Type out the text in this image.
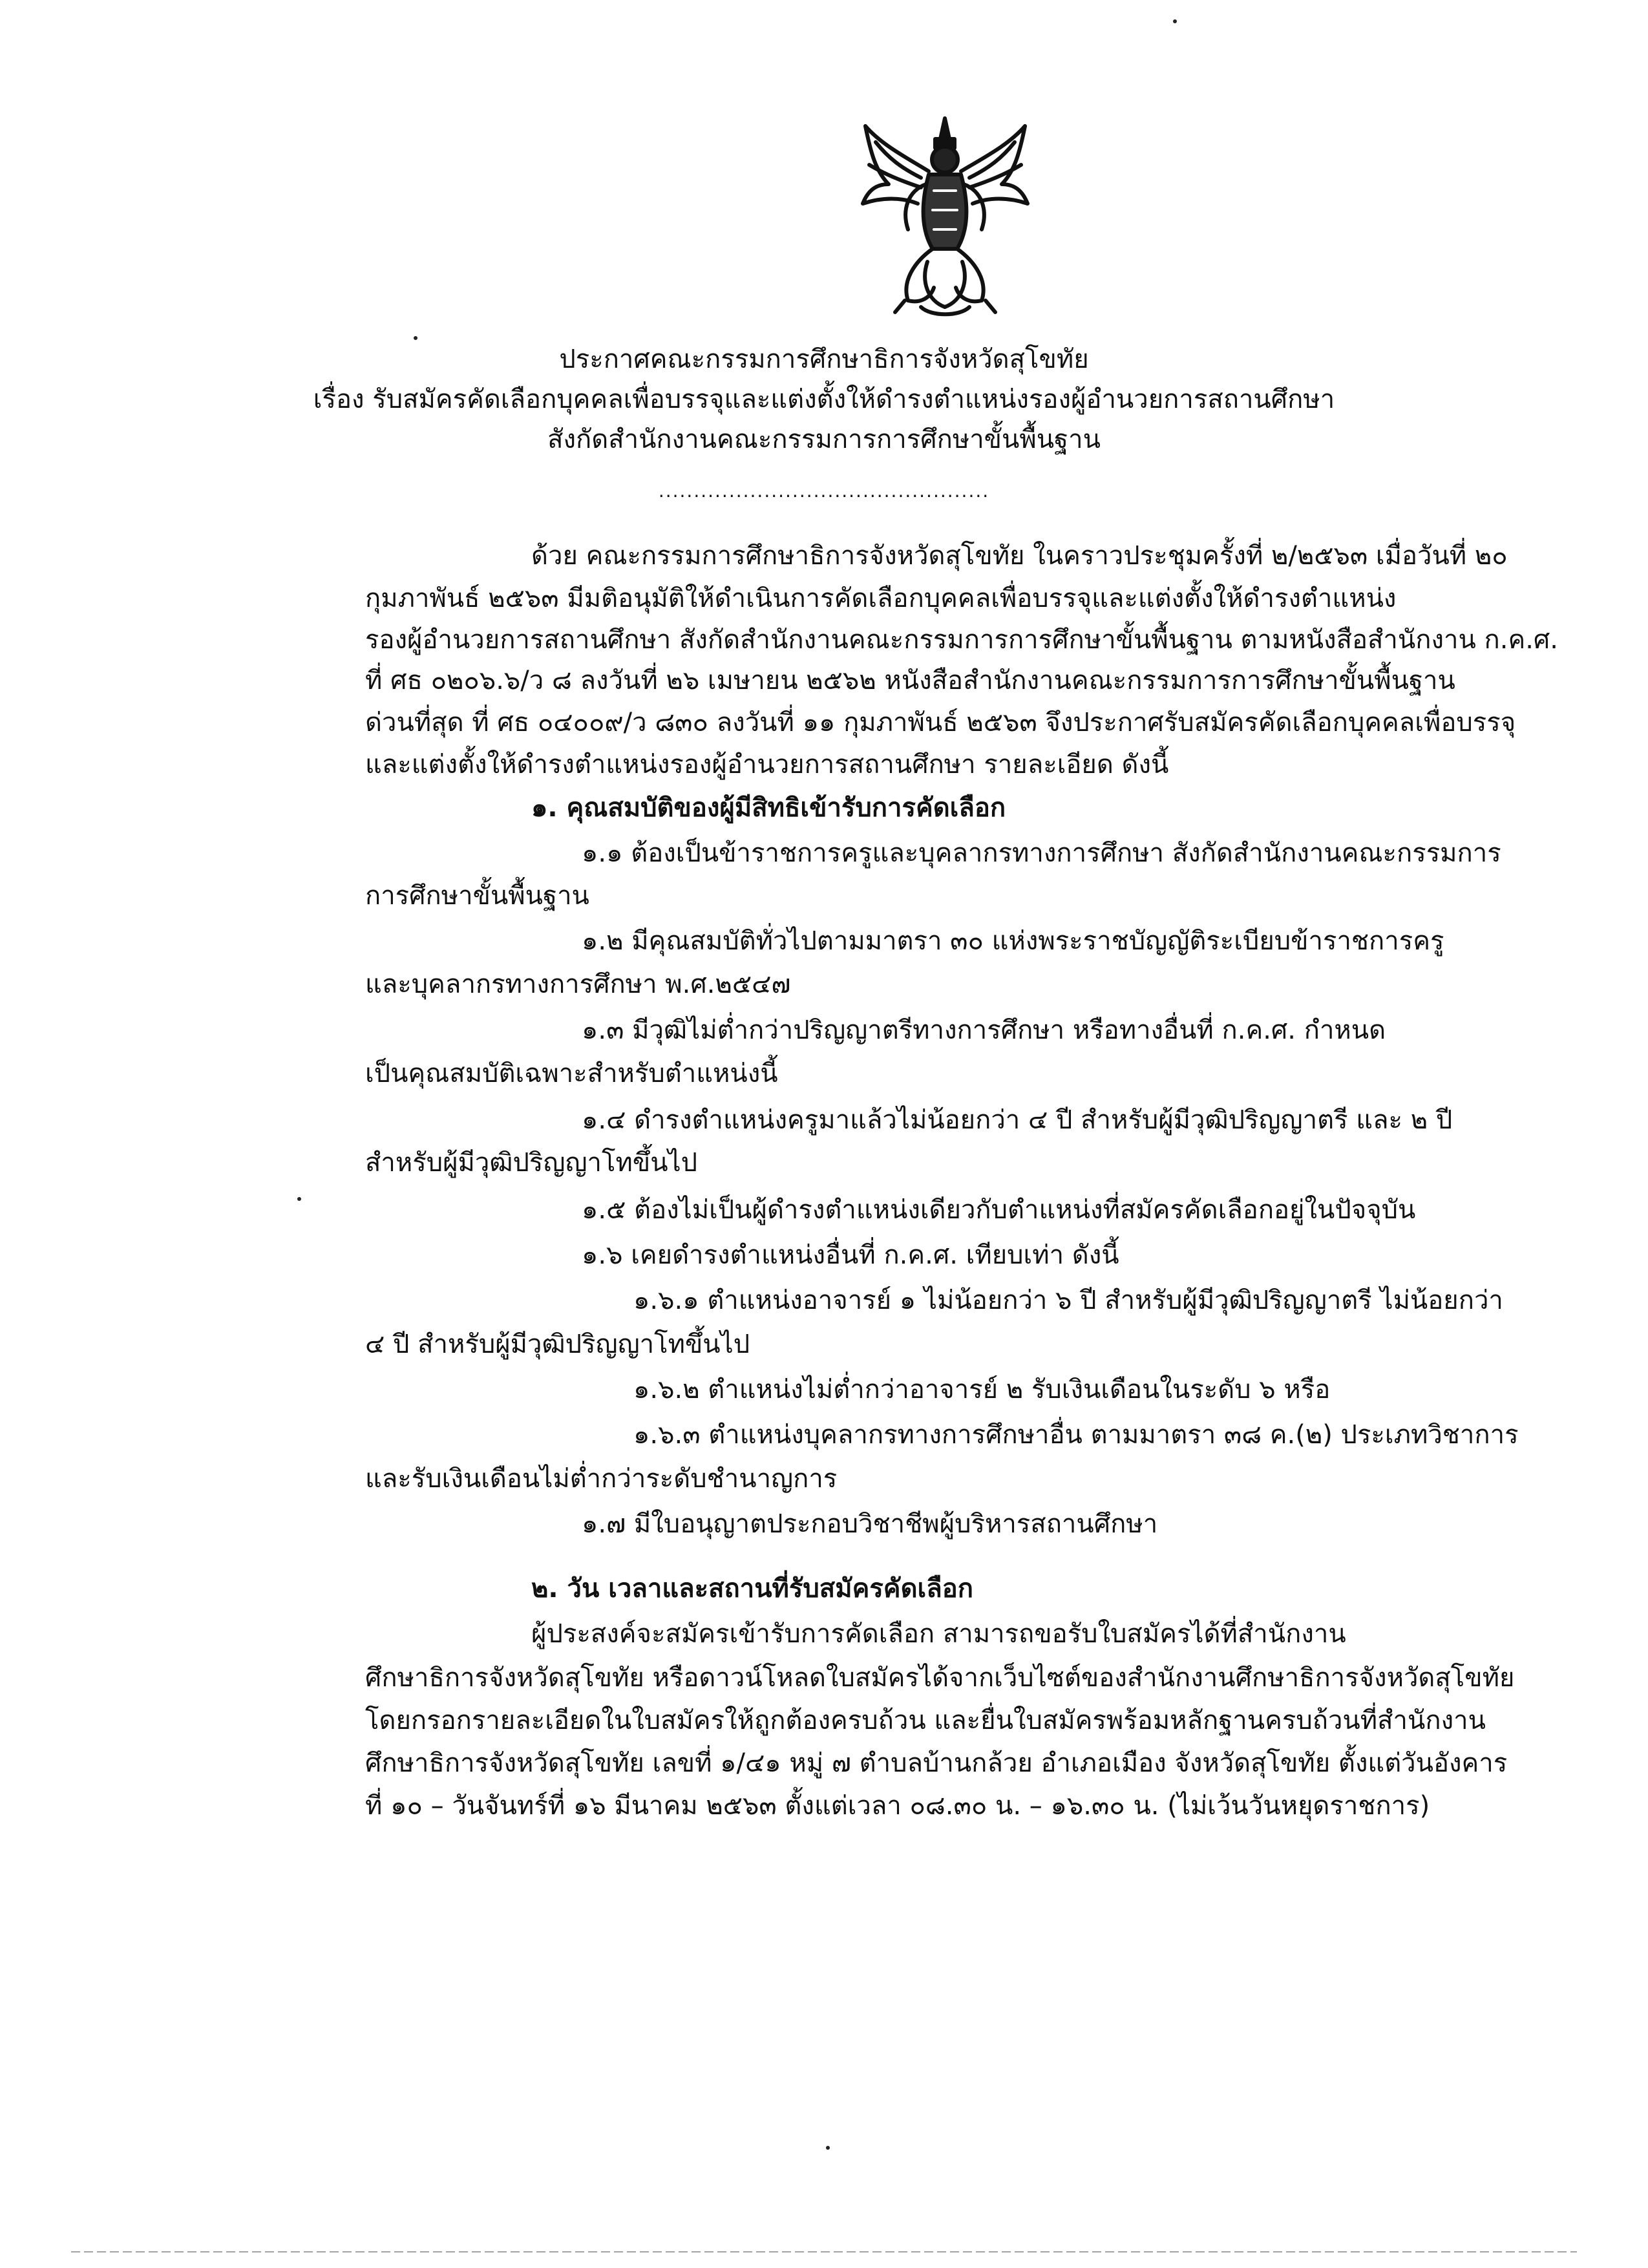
ประกาศคณะกรรมการศึกษาธิการจังหวัดสุโขทัย
เรื่อง รับสมัครคัดเลือกบุคคลเพื่อบรรจุและแต่งตั้งให้ดำรงตำแหน่งรองผู้อำนวยการสถานศึกษา
สังกัดสำนักงานคณะกรรมการการศึกษาขั้นพื้นฐาน
...............................................
ด้วย คณะกรรมการศึกษาธิการจังหวัดสุโขทัย ในคราวประชุมครั้งที่ ๒/๒๕๖๓ เมื่อวันที่ ๒๐
กุมภาพันธ์ ๒๕๖๓ มีมติอนุมัติให้ดำเนินการคัดเลือกบุคคลเพื่อบรรจุและแต่งตั้งให้ดำรงตำแหน่ง
รองผู้อำนวยการสถานศึกษา สังกัดสำนักงานคณะกรรมการการศึกษาขั้นพื้นฐาน ตามหนังสือสำนักงาน ก.ค.ศ.
ที่ ศธ ๐๒๐๖.๖/ว ๘ ลงวันที่ ๒๖ เมษายน ๒๕๖๒ หนังสือสำนักงานคณะกรรมการการศึกษาขั้นพื้นฐาน
ด่วนที่สุด ที่ ศธ ๐๔๐๐๙/ว ๘๓๐ ลงวันที่ ๑๑ กุมภาพันธ์ ๒๕๖๓ จึงประกาศรับสมัครคัดเลือกบุคคลเพื่อบรรจุ
และแต่งตั้งให้ดำรงตำแหน่งรองผู้อำนวยการสถานศึกษา รายละเอียด ดังนี้
๑. คุณสมบัติของผู้มีสิทธิเข้ารับการคัดเลือก
๑.๑ ต้องเป็นข้าราชการครูและบุคลากรทางการศึกษา สังกัดสำนักงานคณะกรรมการ
การศึกษาขั้นพื้นฐาน
๑.๒ มีคุณสมบัติทั่วไปตามมาตรา ๓๐ แห่งพระราชบัญญัติระเบียบข้าราชการครู
และบุคลากรทางการศึกษา พ.ศ.๒๕๔๗
๑.๓ มีวุฒิไม่ต่ำกว่าปริญญาตรีทางการศึกษา หรือทางอื่นที่ ก.ค.ศ. กำหนด
เป็นคุณสมบัติเฉพาะสำหรับตำแหน่งนี้
๑.๔ ดำรงตำแหน่งครูมาแล้วไม่น้อยกว่า ๔ ปี สำหรับผู้มีวุฒิปริญญาตรี และ ๒ ปี
สำหรับผู้มีวุฒิปริญญาโทขึ้นไป
๑.๕ ต้องไม่เป็นผู้ดำรงตำแหน่งเดียวกับตำแหน่งที่สมัครคัดเลือกอยู่ในปัจจุบัน
๑.๖ เคยดำรงตำแหน่งอื่นที่ ก.ค.ศ. เทียบเท่า ดังนี้
๑.๖.๑ ตำแหน่งอาจารย์ ๑ ไม่น้อยกว่า ๖ ปี สำหรับผู้มีวุฒิปริญญาตรี ไม่น้อยกว่า
๔ ปี สำหรับผู้มีวุฒิปริญญาโทขึ้นไป
๑.๖.๒ ตำแหน่งไม่ต่ำกว่าอาจารย์ ๒ รับเงินเดือนในระดับ ๖ หรือ
๑.๖.๓ ตำแหน่งบุคลากรทางการศึกษาอื่น ตามมาตรา ๓๘ ค.(๒) ประเภทวิชาการ
และรับเงินเดือนไม่ต่ำกว่าระดับชำนาญการ
๑.๗ มีใบอนุญาตประกอบวิชาชีพผู้บริหารสถานศึกษา
๒. วัน เวลาและสถานที่รับสมัครคัดเลือก
ผู้ประสงค์จะสมัครเข้ารับการคัดเลือก สามารถขอรับใบสมัครได้ที่สำนักงาน
ศึกษาธิการจังหวัดสุโขทัย หรือดาวน์โหลดใบสมัครได้จากเว็บไซต์ของสำนักงานศึกษาธิการจังหวัดสุโขทัย
โดยกรอกรายละเอียดในใบสมัครให้ถูกต้องครบถ้วน และยื่นใบสมัครพร้อมหลักฐานครบถ้วนที่สำนักงาน
ศึกษาธิการจังหวัดสุโขทัย เลขที่ ๑/๔๑ หมู่ ๗ ตำบลบ้านกล้วย อำเภอเมือง จังหวัดสุโขทัย ตั้งแต่วันอังคาร
ที่ ๑๐ – วันจันทร์ที่ ๑๖ มีนาคม ๒๕๖๓ ตั้งแต่เวลา ๐๘.๓๐ น. – ๑๖.๓๐ น. (ไม่เว้นวันหยุดราชการ)
